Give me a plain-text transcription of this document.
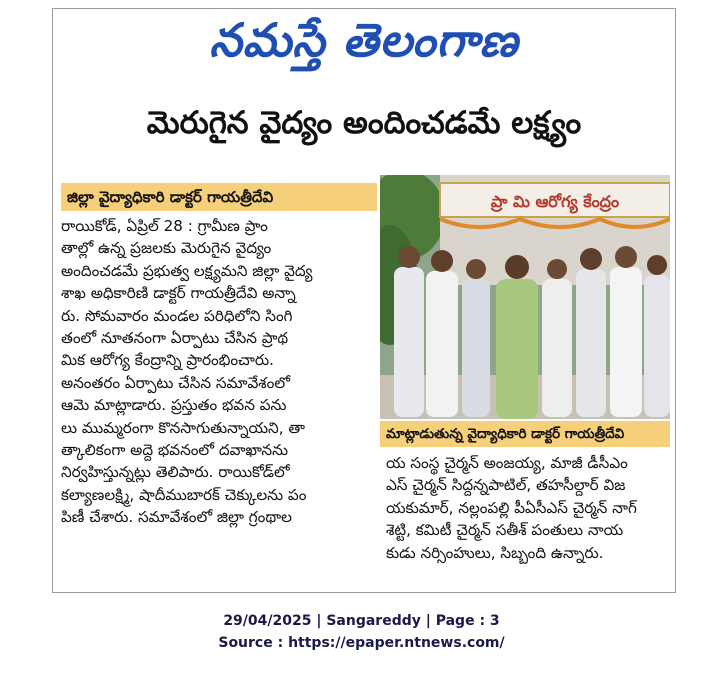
నమస్తే తెలంగాణ
మెరుగైన వైద్యం అందించడమే లక్ష్యం
జిల్లా వైద్యాధికారి డాక్టర్ గాయత్రీదేవి
రాయికోడ్, ఏప్రిల్ 28 : గ్రామీణ ప్రాం
తాల్లో ఉన్న ప్రజలకు మెరుగైన వైద్యం
అందించడమే ప్రభుత్వ లక్ష్యమని జిల్లా వైద్య
శాఖ అధికారిణి డాక్టర్ గాయత్రీదేవి అన్నా
రు. సోమవారం మండల పరిధిలోని సింగి
తంలో నూతనంగా ఏర్పాటు చేసిన ప్రాథ
మిక ఆరోగ్య కేంద్రాన్ని ప్రారంభించారు.
అనంతరం ఏర్పాటు చేసిన సమావేశంలో
ఆమె మాట్లాడారు. ప్రస్తుతం భవన పను
లు ముమ్మరంగా కొనసాగుతున్నాయని, తా
త్కాలికంగా అద్దె భవనంలో దవాఖానను
నిర్వహిస్తున్నట్లు తెలిపారు. రాయికోడ్‌లో
కల్యాణలక్ష్మి, షాదీముబారక్ చెక్కులను పం
పిణీ చేశారు. సమావేశంలో జిల్లా గ్రంథాల
ప్రా మి ఆరోగ్య కేంద్రం
మాట్లాడుతున్న వైద్యాధికారి డాక్టర్ గాయత్రీదేవి
య సంస్థ చైర్మన్ అంజయ్య, మాజీ డీసీఎం
ఎస్ చైర్మన్ సిద్దన్నపాటిల్, తహసీల్దార్ విజ
యకుమార్, నల్లంపల్లి పీఏసీఎస్ చైర్మన్ నాగ్
శెట్టి, కమిటీ చైర్మన్ సతీశ్ పంతులు నాయ
కుడు నర్సింహులు, సిబ్బంది ఉన్నారు.
29/04/2025 | Sangareddy | Page : 3
Source : https://epaper.ntnews.com/
